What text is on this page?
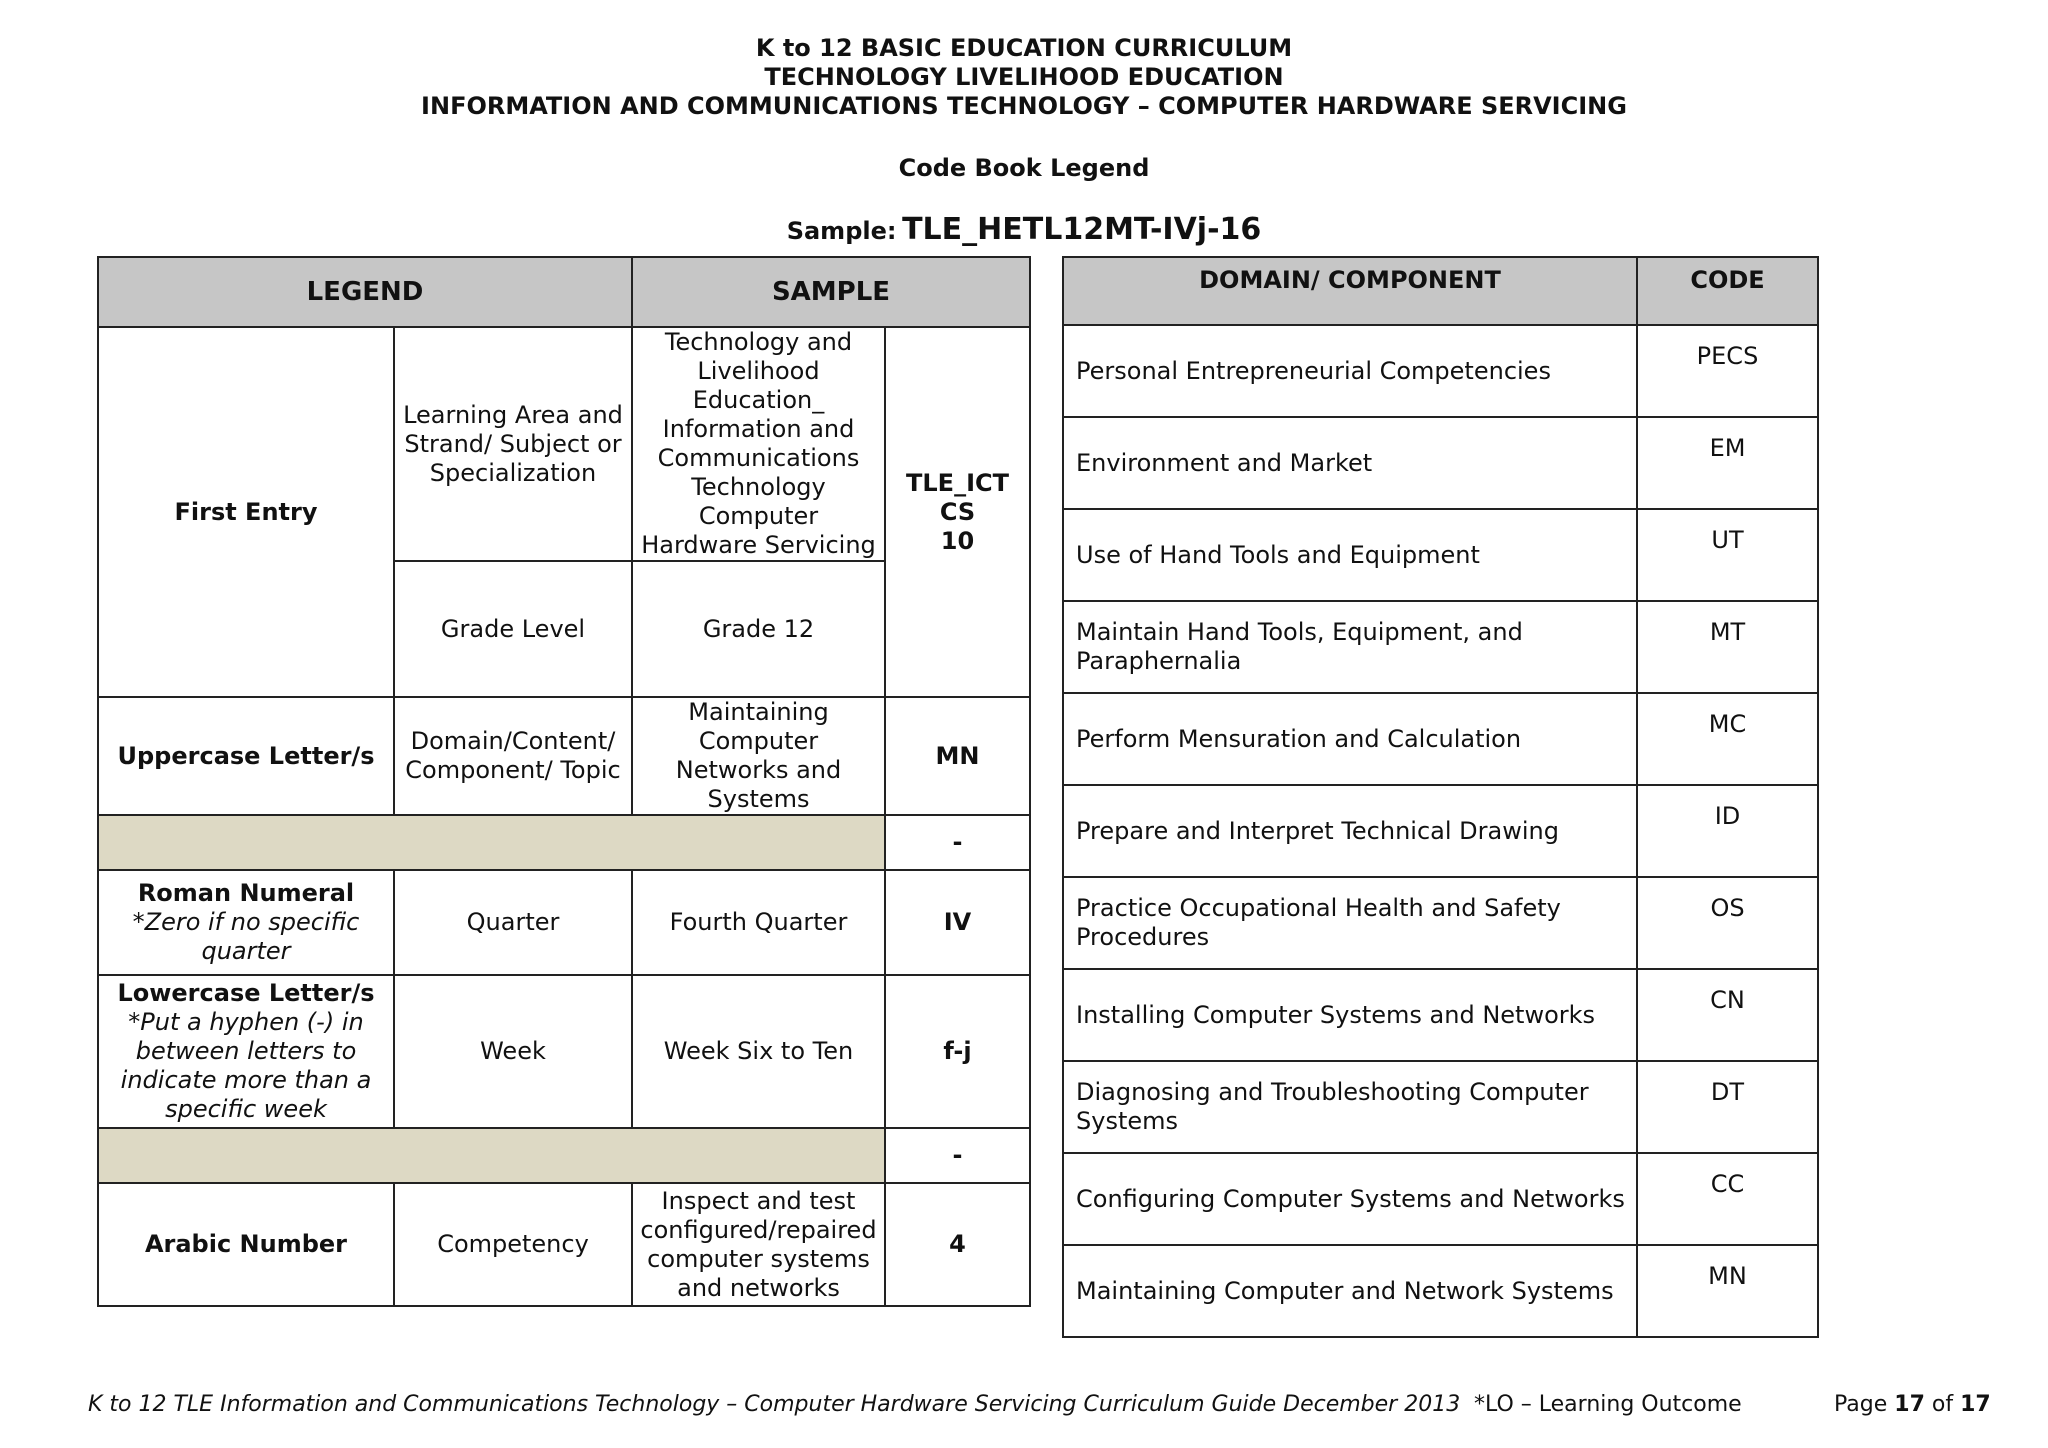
K to 12 BASIC EDUCATION CURRICULUM
TECHNOLOGY LIVELIHOOD EDUCATION
INFORMATION AND COMMUNICATIONS TECHNOLOGY – COMPUTER HARDWARE SERVICING
Code Book Legend
Sample: TLE_HETL12MT-IVj-16
LEGEND		SAMPLE	
First Entry	Learning Area and Strand/ Subject or Specialization	Technology and Livelihood Education_ Information and Communications Technology Computer Hardware Servicing	TLE_ICT
CS
10

	Grade Level	Grade 12	
Uppercase Letter/s	Domain/Content/ Component/ Topic	Maintaining Computer Networks and Systems	MN
			-

Roman Numeral
*Zero if no specific quarter	Quarter	Fourth Quarter	IV

Lowercase Letter/s
*Put a hyphen (-) in between letters to indicate more than a specific week	Week	Week Six to Ten	f-j
			-
Arabic Number	Competency	Inspect and test configured/repaired computer systems and networks	4
DOMAIN/ COMPONENT	CODE
Personal Entrepreneurial Competencies	PECS
Environment and Market	EM
Use of Hand Tools and Equipment	UT
Maintain Hand Tools, Equipment, and Paraphernalia	MT
Perform Mensuration and Calculation	MC
Prepare and Interpret Technical Drawing	ID
Practice Occupational Health and Safety Procedures	OS
Installing Computer Systems and Networks	CN
Diagnosing and Troubleshooting Computer Systems	DT
Configuring Computer Systems and Networks	CC
Maintaining Computer and Network Systems	MN
K to 12 TLE Information and Communications Technology – Computer Hardware Servicing Curriculum Guide December 2013 *LO – Learning Outcome	Page 17 of 17
